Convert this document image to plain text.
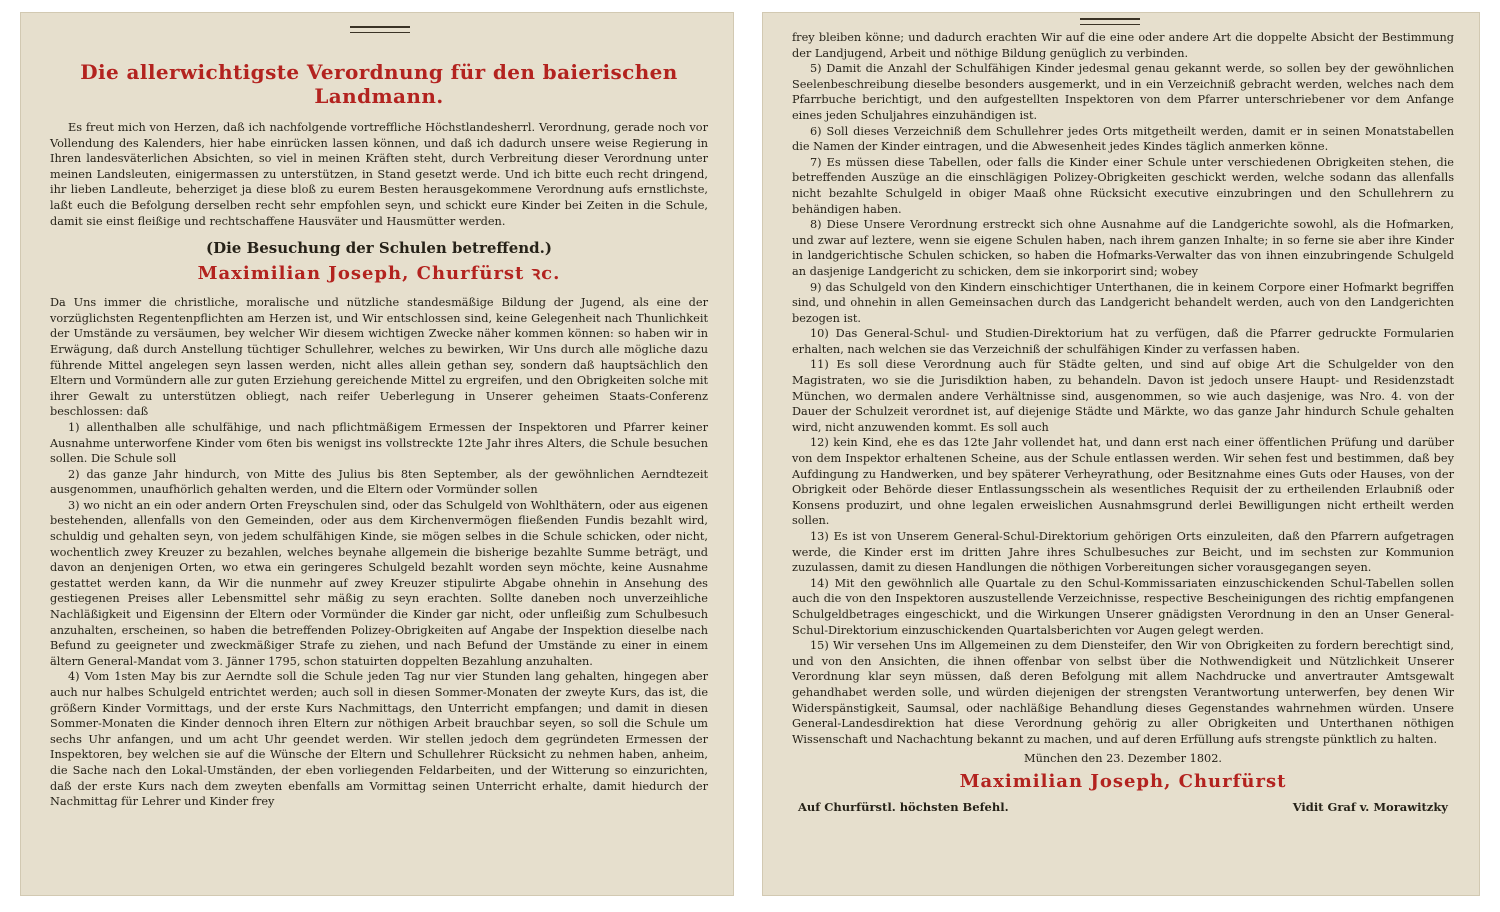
Die allerwichtigste Verordnung für den baierischen Landmann.

Es freut mich von Herzen, daß ich nachfolgende vortreffliche Höchstlandesherrl. Verordnung, gerade noch vor Vollendung des Kalenders, hier habe einrücken lassen können, und daß ich dadurch unsere weise Regierung in Ihren landesväterlichen Absichten, so viel in meinen Kräften steht, durch Verbreitung dieser Verordnung unter meinen Landsleuten, einigermassen zu unterstützen, in Stand gesetzt werde. Und ich bitte euch recht dringend, ihr lieben Landleute, beherziget ja diese bloß zu eurem Besten herausgekommene Verordnung aufs ernstlichste, laßt euch die Befolgung derselben recht sehr empfohlen seyn, und schickt eure Kinder bei Zeiten in die Schule, damit sie einst fleißige und rechtschaffene Hausväter und Hausmütter werden.

(Die Besuchung der Schulen betreffend.)
Maximilian Joseph, Churfürst ꝛc.

Da Uns immer die christliche, moralische und nützliche standesmäßige Bildung der Jugend, als eine der vorzüglichsten Regentenpflichten am Herzen ist, und Wir entschlossen sind, keine Gelegenheit nach Thunlichkeit der Umstände zu versäumen, bey welcher Wir diesem wichtigen Zwecke näher kommen können: so haben wir in Erwägung, daß durch Anstellung tüchtiger Schullehrer, welches zu bewirken, Wir Uns durch alle mögliche dazu führende Mittel angelegen seyn lassen werden, nicht alles allein gethan sey, sondern daß hauptsächlich den Eltern und Vormündern alle zur guten Erziehung gereichende Mittel zu ergreifen, und den Obrigkeiten solche mit ihrer Gewalt zu unterstützen obliegt, nach reifer Ueberlegung in Unserer geheimen Staats-Conferenz beschlossen: daß

1) allenthalben alle schulfähige, und nach pflichtmäßigem Ermessen der Inspektoren und Pfarrer keiner Ausnahme unterworfene Kinder vom 6ten bis wenigst ins vollstreckte 12te Jahr ihres Alters, die Schule besuchen sollen. Die Schule soll

2) das ganze Jahr hindurch, von Mitte des Julius bis 8ten September, als der gewöhnlichen Aerndtezeit ausgenommen, unaufhörlich gehalten werden, und die Eltern oder Vormünder sollen

3) wo nicht an ein oder andern Orten Freyschulen sind, oder das Schulgeld von Wohlthätern, oder aus eigenen bestehenden, allenfalls von den Gemeinden, oder aus dem Kirchenvermögen fließenden Fundis bezahlt wird, schuldig und gehalten seyn, von jedem schulfähigen Kinde, sie mögen selbes in die Schule schicken, oder nicht, wochentlich zwey Kreuzer zu bezahlen, welches beynahe allgemein die bisherige bezahlte Summe beträgt, und davon an denjenigen Orten, wo etwa ein geringeres Schulgeld bezahlt worden seyn möchte, keine Ausnahme gestattet werden kann, da Wir die nunmehr auf zwey Kreuzer stipulirte Abgabe ohnehin in Ansehung des gestiegenen Preises aller Lebensmittel sehr mäßig zu seyn erachten. Sollte daneben noch unverzeihliche Nachläßigkeit und Eigensinn der Eltern oder Vormünder die Kinder gar nicht, oder unfleißig zum Schulbesuch anzuhalten, erscheinen, so haben die betreffenden Polizey-Obrigkeiten auf Angabe der Inspektion dieselbe nach Befund zu geeigneter und zweckmäßiger Strafe zu ziehen, und nach Befund der Umstände zu einer in einem ältern General-Mandat vom 3. Jänner 1795, schon statuirten doppelten Bezahlung anzuhalten.

4) Vom 1sten May bis zur Aerndte soll die Schule jeden Tag nur vier Stunden lang gehalten, hingegen aber auch nur halbes Schulgeld entrichtet werden; auch soll in diesen Sommer-Monaten der zweyte Kurs, das ist, die größern Kinder Vormittags, und der erste Kurs Nachmittags, den Unterricht empfangen; und damit in diesen Sommer-Monaten die Kinder dennoch ihren Eltern zur nöthigen Arbeit brauchbar seyen, so soll die Schule um sechs Uhr anfangen, und um acht Uhr geendet werden. Wir stellen jedoch dem gegründeten Ermessen der Inspektoren, bey welchen sie auf die Wünsche der Eltern und Schullehrer Rücksicht zu nehmen haben, anheim, die Sache nach den Lokal-Umständen, der eben vorliegenden Feldarbeiten, und der Witterung so einzurichten, daß der erste Kurs nach dem zweyten ebenfalls am Vormittag seinen Unterricht erhalte, damit hiedurch der Nachmittag für Lehrer und Kinder frey

frey bleiben könne; und dadurch erachten Wir auf die eine oder andere Art die doppelte Absicht der Bestimmung der Landjugend, Arbeit und nöthige Bildung genüglich zu verbinden.

5) Damit die Anzahl der Schulfähigen Kinder jedesmal genau gekannt werde, so sollen bey der gewöhnlichen Seelenbeschreibung dieselbe besonders ausgemerkt, und in ein Verzeichniß gebracht werden, welches nach dem Pfarrbuche berichtigt, und den aufgestellten Inspektoren von dem Pfarrer unterschriebener vor dem Anfange eines jeden Schuljahres einzuhändigen ist.

6) Soll dieses Verzeichniß dem Schullehrer jedes Orts mitgetheilt werden, damit er in seinen Monatstabellen die Namen der Kinder eintragen, und die Abwesenheit jedes Kindes täglich anmerken könne.

7) Es müssen diese Tabellen, oder falls die Kinder einer Schule unter verschiedenen Obrigkeiten stehen, die betreffenden Auszüge an die einschlägigen Polizey-Obrigkeiten geschickt werden, welche sodann das allenfalls nicht bezahlte Schulgeld in obiger Maaß ohne Rücksicht executive einzubringen und den Schullehrern zu behändigen haben.

8) Diese Unsere Verordnung erstreckt sich ohne Ausnahme auf die Landgerichte sowohl, als die Hofmarken, und zwar auf leztere, wenn sie eigene Schulen haben, nach ihrem ganzen Inhalte; in so ferne sie aber ihre Kinder in landgerichtische Schulen schicken, so haben die Hofmarks-Verwalter das von ihnen einzubringende Schulgeld an dasjenige Landgericht zu schicken, dem sie inkorporirt sind; wobey

9) das Schulgeld von den Kindern einschichtiger Unterthanen, die in keinem Corpore einer Hofmarkt begriffen sind, und ohnehin in allen Gemeinsachen durch das Landgericht behandelt werden, auch von den Landgerichten bezogen ist.

10) Das General-Schul- und Studien-Direktorium hat zu verfügen, daß die Pfarrer gedruckte Formularien erhalten, nach welchen sie das Verzeichniß der schulfähigen Kinder zu verfassen haben.

11) Es soll diese Verordnung auch für Städte gelten, und sind auf obige Art die Schulgelder von den Magistraten, wo sie die Jurisdiktion haben, zu behandeln. Davon ist jedoch unsere Haupt- und Residenzstadt München, wo dermalen andere Verhältnisse sind, ausgenommen, so wie auch dasjenige, was Nro. 4. von der Dauer der Schulzeit verordnet ist, auf diejenige Städte und Märkte, wo das ganze Jahr hindurch Schule gehalten wird, nicht anzuwenden kommt. Es soll auch

12) kein Kind, ehe es das 12te Jahr vollendet hat, und dann erst nach einer öffentlichen Prüfung und darüber von dem Inspektor erhaltenen Scheine, aus der Schule entlassen werden. Wir sehen fest und bestimmen, daß bey Aufdingung zu Handwerken, und bey späterer Verheyrathung, oder Besitznahme eines Guts oder Hauses, von der Obrigkeit oder Behörde dieser Entlassungsschein als wesentliches Requisit der zu ertheilenden Erlaubniß oder Konsens produzirt, und ohne legalen erweislichen Ausnahmsgrund derlei Bewilligungen nicht ertheilt werden sollen.

13) Es ist von Unserem General-Schul-Direktorium gehörigen Orts einzuleiten, daß den Pfarrern aufgetragen werde, die Kinder erst im dritten Jahre ihres Schulbesuches zur Beicht, und im sechsten zur Kommunion zuzulassen, damit zu diesen Handlungen die nöthigen Vorbereitungen sicher vorausgegangen seyen.

14) Mit den gewöhnlich alle Quartale zu den Schul-Kommissariaten einzuschickenden Schul-Tabellen sollen auch die von den Inspektoren auszustellende Verzeichnisse, respective Bescheinigungen des richtig empfangenen Schulgeldbetrages eingeschickt, und die Wirkungen Unserer gnädigsten Verordnung in den an Unser General-Schul-Direktorium einzuschickenden Quartalsberichten vor Augen gelegt werden.

15) Wir versehen Uns im Allgemeinen zu dem Diensteifer, den Wir von Obrigkeiten zu fordern berechtigt sind, und von den Ansichten, die ihnen offenbar von selbst über die Nothwendigkeit und Nützlichkeit Unserer Verordnung klar seyn müssen, daß deren Befolgung mit allem Nachdrucke und anvertrauter Amtsgewalt gehandhabet werden solle, und würden diejenigen der strengsten Verantwortung unterwerfen, bey denen Wir Widerspänstigkeit, Saumsal, oder nachläßige Behandlung dieses Gegenstandes wahrnehmen würden. Unsere General-Landesdirektion hat diese Verordnung gehörig zu aller Obrigkeiten und Unterthanen nöthigen Wissenschaft und Nachachtung bekannt zu machen, und auf deren Erfüllung aufs strengste pünktlich zu halten.

München den 23. Dezember 1802.

Maximilian Joseph, Churfürst
Auf Churfürstl. höchsten Befehl.	Vidit Graf v. Morawitzky
